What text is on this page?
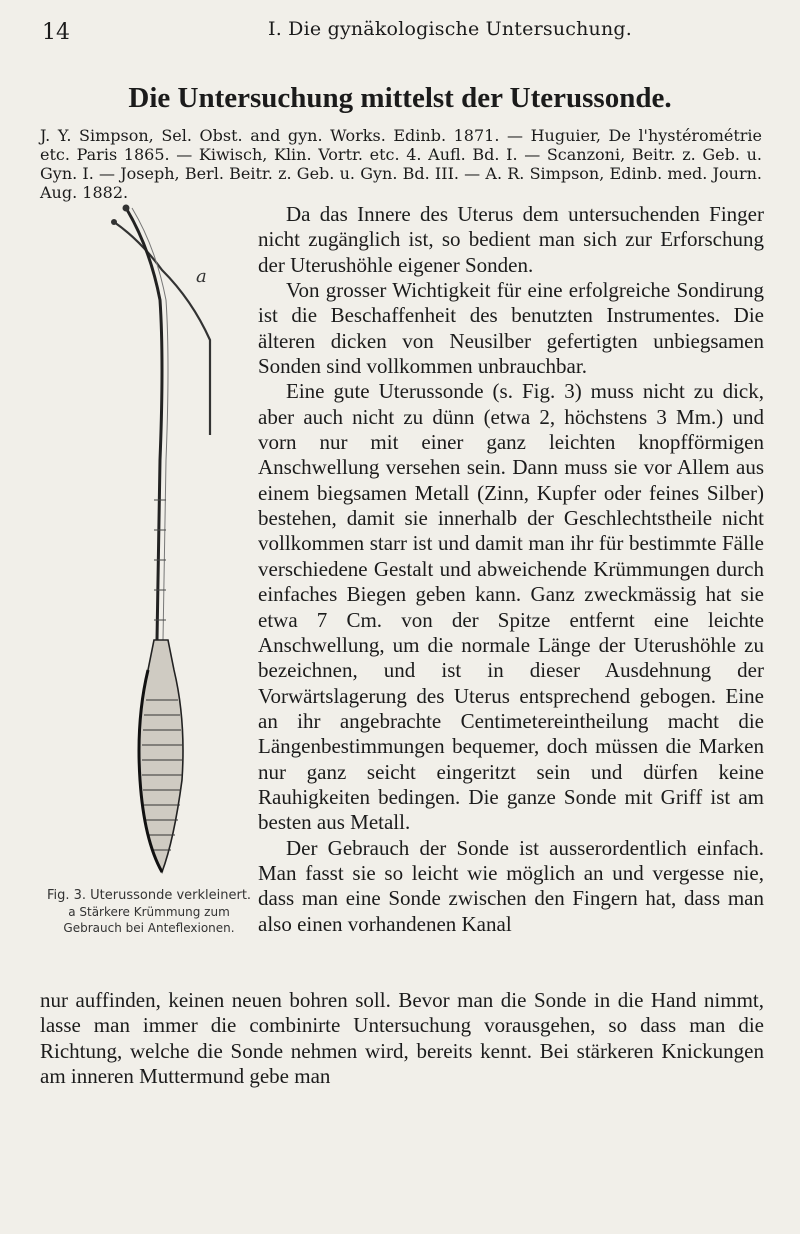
14	I. Die gynäkologische Untersuchung.
Die Untersuchung mittelst der Uterussonde.
J. Y. Simpson, Sel. Obst. and gyn. Works. Edinb. 1871. — Huguier, De l'hystérométrie etc. Paris 1865. — Kiwisch, Klin. Vortr. etc. 4. Aufl. Bd. I. — Scanzoni, Beitr. z. Geb. u. Gyn. I. — Joseph, Berl. Beitr. z. Geb. u. Gyn. Bd. III. — A. R. Simpson, Edinb. med. Journ. Aug. 1882.
a
Fig. 3. Uterussonde verkleinert.
a Stärkere Krümmung zum Gebrauch bei Anteflexionen.

Da das Innere des Uterus dem untersuchenden Finger nicht zugänglich ist, so bedient man sich zur Erforschung der Uterushöhle eigener Sonden.

Von grosser Wichtigkeit für eine erfolgreiche Sondirung ist die Beschaffenheit des benutzten Instrumentes. Die älteren dicken von Neusilber gefertigten unbiegsamen Sonden sind vollkommen unbrauchbar.

Eine gute Uterussonde (s. Fig. 3) muss nicht zu dick, aber auch nicht zu dünn (etwa 2, höchstens 3 Mm.) und vorn nur mit einer ganz leichten knopfförmigen Anschwellung versehen sein. Dann muss sie vor Allem aus einem biegsamen Metall (Zinn, Kupfer oder feines Silber) bestehen, damit sie innerhalb der Geschlechtstheile nicht vollkommen starr ist und damit man ihr für bestimmte Fälle verschiedene Gestalt und abweichende Krümmungen durch einfaches Biegen geben kann. Ganz zweckmässig hat sie etwa 7 Cm. von der Spitze entfernt eine leichte Anschwellung, um die normale Länge der Uterushöhle zu bezeichnen, und ist in dieser Ausdehnung der Vorwärtslagerung des Uterus entsprechend gebogen. Eine an ihr angebrachte Centimetereintheilung macht die Längenbestimmungen bequemer, doch müssen die Marken nur ganz seicht eingeritzt sein und dürfen keine Rauhigkeiten bedingen. Die ganze Sonde mit Griff ist am besten aus Metall.

Der Gebrauch der Sonde ist ausserordentlich einfach. Man fasst sie so leicht wie möglich an und vergesse nie, dass man eine Sonde zwischen den Fingern hat, dass man also einen vorhandenen Kanal

nur auffinden, keinen neuen bohren soll. Bevor man die Sonde in die Hand nimmt, lasse man immer die combinirte Untersuchung vorausgehen, so dass man die Richtung, welche die Sonde nehmen wird, bereits kennt. Bei stärkeren Knickungen am inneren Muttermund gebe man
